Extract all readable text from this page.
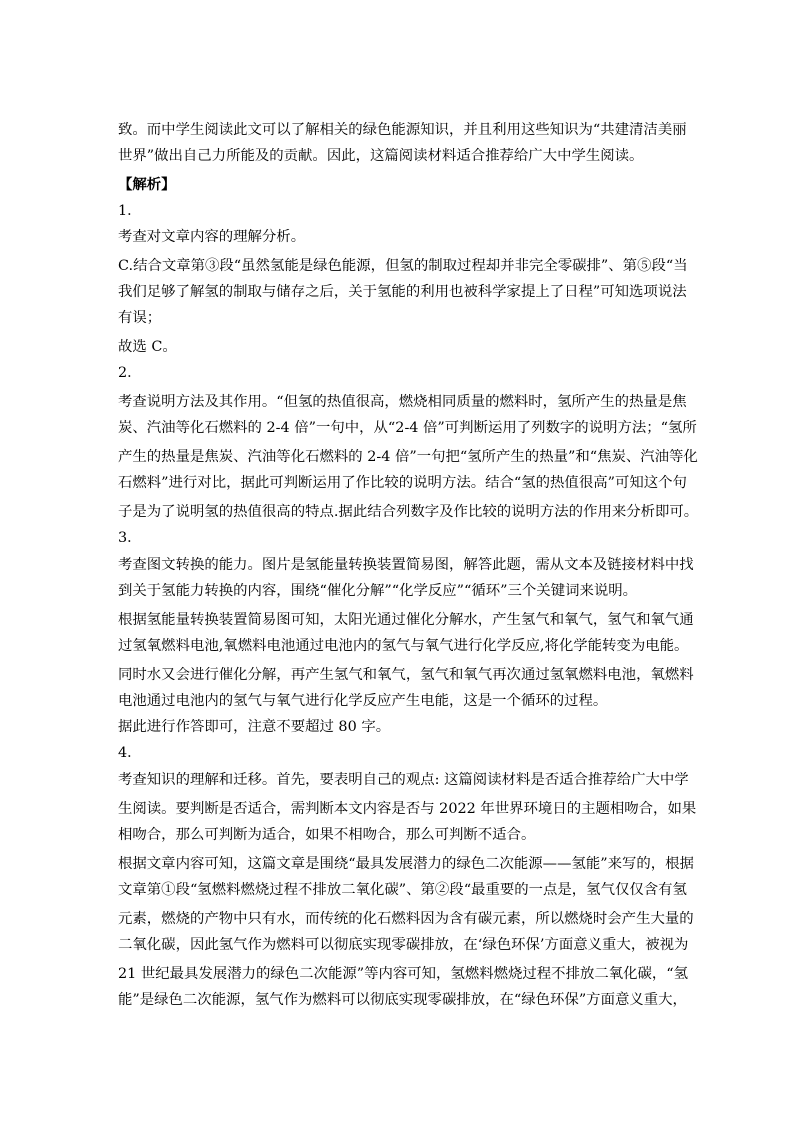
致。而中学生阅读此文可以了解相关的绿色能源知识，并且利用这些知识为“共建清洁美丽
世界”做出自己力所能及的贡献。因此，这篇阅读材料适合推荐给广大中学生阅读。
【解析】
1．
考查对文章内容的理解分析。
C.结合文章第③段“虽然氢能是绿色能源，但氢的制取过程却并非完全零碳排”、第⑤段“当
我们足够了解氢的制取与储存之后，关于氢能的利用也被科学家提上了日程”可知选项说法
有误；
故选 C。
2．
考查说明方法及其作用。“但氢的热值很高，燃烧相同质量的燃料时，氢所产生的热量是焦
炭、汽油等化石燃料的 2-4 倍”一句中，从“2-4 倍”可判断运用了列数字的说明方法；“氢所
产生的热量是焦炭、汽油等化石燃料的 2-4 倍”一句把“氢所产生的热量”和“焦炭、汽油等化
石燃料”进行对比，据此可判断运用了作比较的说明方法。结合“氢的热值很高”可知这个句
子是为了说明氢的热值很高的特点.据此结合列数字及作比较的说明方法的作用来分析即可。
3．
考查图文转换的能力。图片是氢能量转换装置简易图，解答此题，需从文本及链接材料中找
到关于氢能力转换的内容，围绕“催化分解”“化学反应”“循环”三个关键词来说明。
根据氢能量转换装置简易图可知，太阳光通过催化分解水，产生氢气和氧气，氢气和氧气通
过氢氧燃料电池,氧燃料电池通过电池内的氢气与氧气进行化学反应,将化学能转变为电能。
同时水又会进行催化分解，再产生氢气和氧气，氢气和氧气再次通过氢氧燃料电池，氧燃料
电池通过电池内的氢气与氧气进行化学反应产生电能，这是一个循环的过程。
据此进行作答即可，注意不要超过 80 字。
4．
考查知识的理解和迁移。首先，要表明自己的观点: 这篇阅读材料是否适合推荐给广大中学
生阅读。要判断是否适合，需判断本文内容是否与 2022 年世界环境日的主题相吻合，如果
相吻合，那么可判断为适合，如果不相吻合，那么可判断不适合。
根据文章内容可知，这篇文章是围绕“最具发展潜力的绿色二次能源——氢能”来写的，根据
文章第①段“氢燃料燃烧过程不排放二氧化碳”、第②段“最重要的一点是，氢气仅仅含有氢
元素，燃烧的产物中只有水，而传统的化石燃料因为含有碳元素，所以燃烧时会产生大量的
二氧化碳，因此氢气作为燃料可以彻底实现零碳排放，在‘绿色环保’方面意义重大，被视为
21 世纪最具发展潜力的绿色二次能源”等内容可知，氢燃料燃烧过程不排放二氧化碳，“氢
能”是绿色二次能源，氢气作为燃料可以彻底实现零碳排放，在“绿色环保”方面意义重大，
